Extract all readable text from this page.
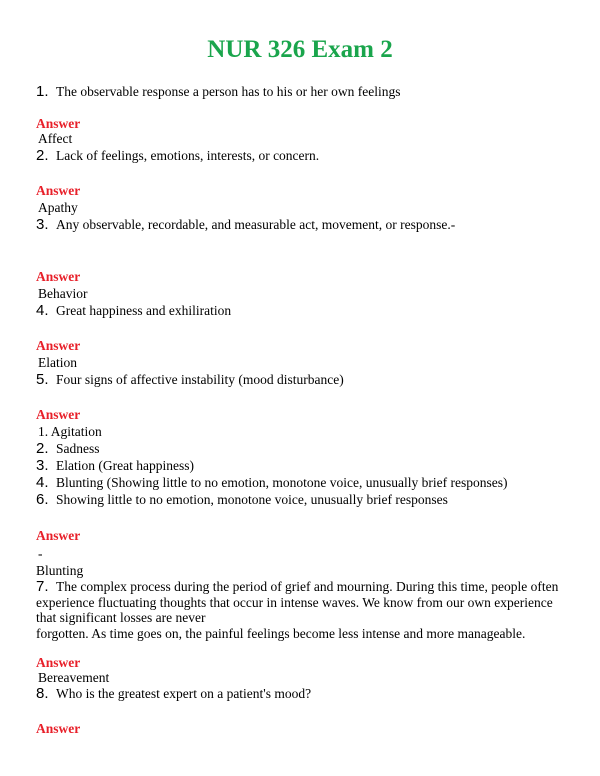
NUR 326 Exam 2
1. The observable response a person has to his or her own feelings
Answer
Affect
2. Lack of feelings, emotions, interests, or concern.
Answer
Apathy
3. Any observable, recordable, and measurable act, movement, or response.-
Answer
Behavior
4. Great happiness and exhiliration
Answer
Elation
5. Four signs of affective instability (mood disturbance)
Answer
1. Agitation
2. Sadness
3. Elation (Great happiness)
4. Blunting (Showing little to no emotion, monotone voice, unusually brief responses)
6. Showing little to no emotion, monotone voice, unusually brief responses
Answer
-
Blunting
7. The complex process during the period of grief and mourning. During this time, people often experience fluctuating thoughts that occur in intense waves. We know from our own experience that significant losses are never
forgotten. As time goes on, the painful feelings become less intense and more manageable.
Answer
Bereavement
8. Who is the greatest expert on a patient's mood?
Answer
